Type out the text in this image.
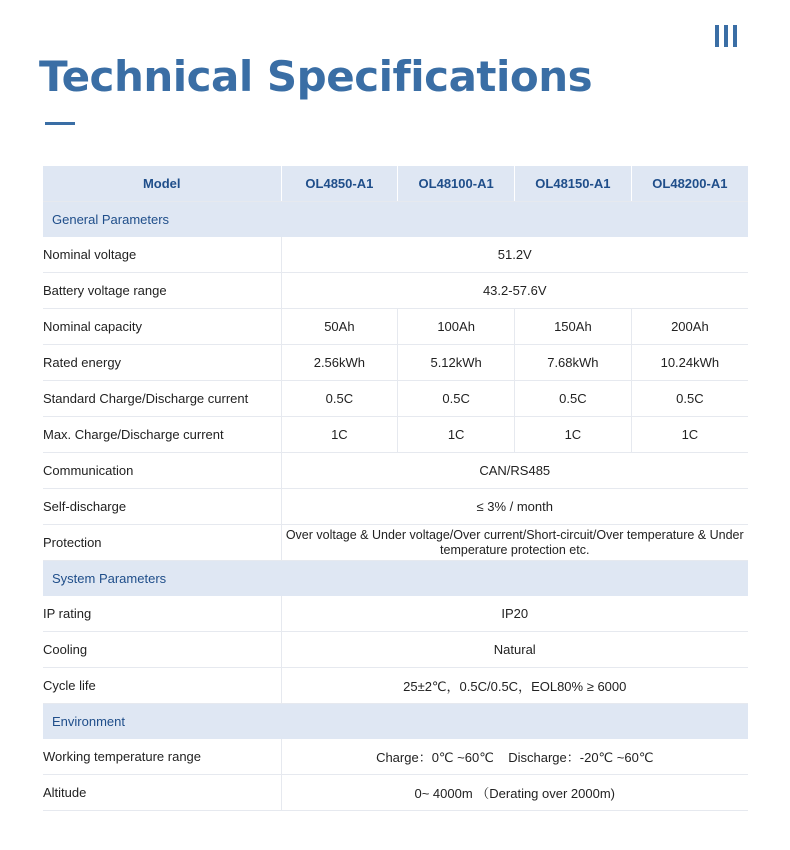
Technical Specifications
Model	OL4850-A1	OL48100-A1	OL48150-A1	OL48200-A1
General Parameters				
Nominal voltage	51.2V			
Battery voltage range	43.2-57.6V			
Nominal capacity	50Ah	100Ah	150Ah	200Ah
Rated energy	2.56kWh	5.12kWh	7.68kWh	10.24kWh
Standard Charge/Discharge current	0.5C	0.5C	0.5C	0.5C
Max. Charge/Discharge current	1C	1C	1C	1C
Communication	CAN/RS485			
Self-discharge	≤ 3% / month			
Protection	Over voltage & Under voltage/Over current/Short-circuit/Over temperature & Under temperature protection etc.			
System Parameters				
IP rating	IP20			
Cooling	Natural			
Cycle life	25±2℃，0.5C/0.5C，EOL80% ≥ 6000			
Environment				
Working temperature range	Charge：0℃ ~60℃    Discharge：-20℃ ~60℃			
Altitude	0~ 4000m （Derating over 2000m)			
